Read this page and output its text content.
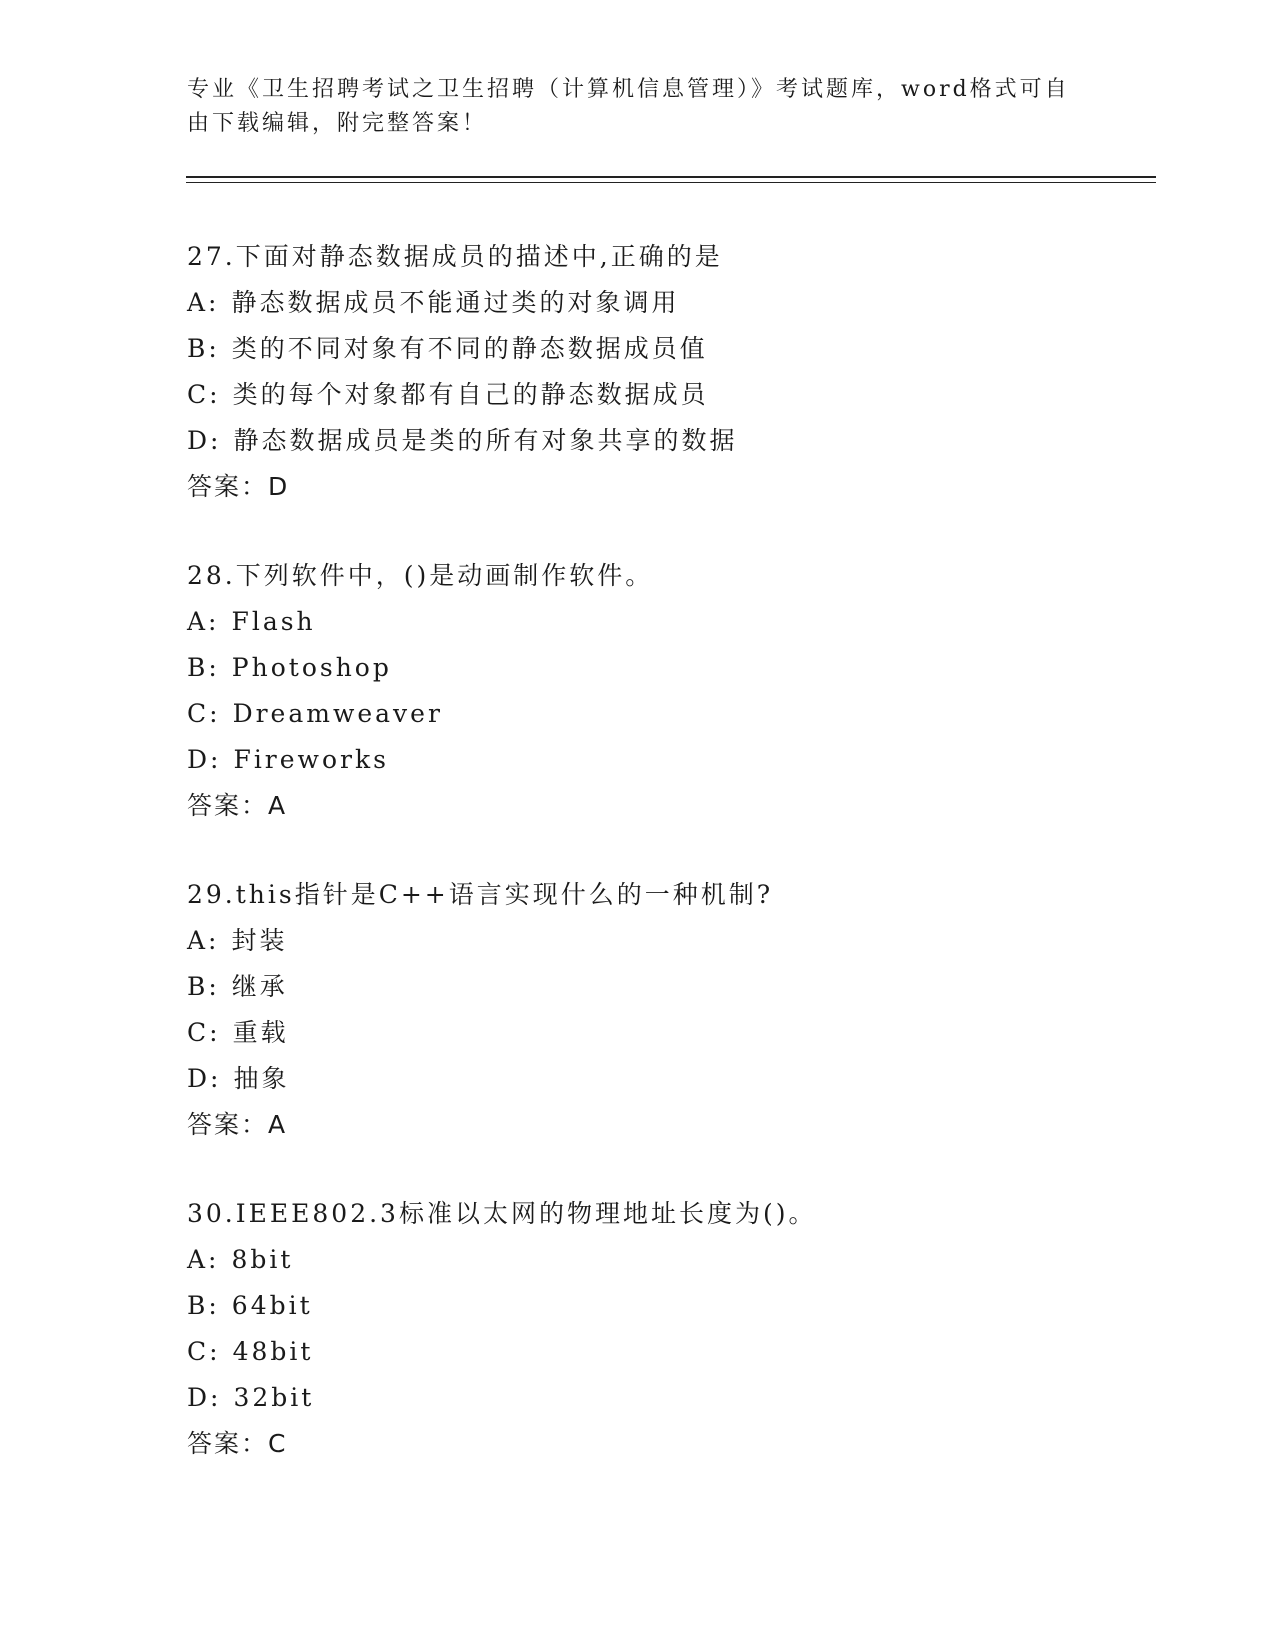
专业《卫生招聘考试之卫生招聘（计算机信息管理）》考试题库，word格式可自
由下载编辑，附完整答案！
27.下面对静态数据成员的描述中,正确的是
A: 静态数据成员不能通过类的对象调用
B: 类的不同对象有不同的静态数据成员值
C: 类的每个对象都有自己的静态数据成员
D: 静态数据成员是类的所有对象共享的数据
答案：D
28.下列软件中，()是动画制作软件。
A: Flash
B: Photoshop
C: Dreamweaver
D: Fireworks
答案：A
29.this指针是C++语言实现什么的一种机制?
A: 封装
B: 继承
C: 重载
D: 抽象
答案：A
30.IEEE802.3标准以太网的物理地址长度为()。
A: 8bit
B: 64bit
C: 48bit
D: 32bit
答案：C
